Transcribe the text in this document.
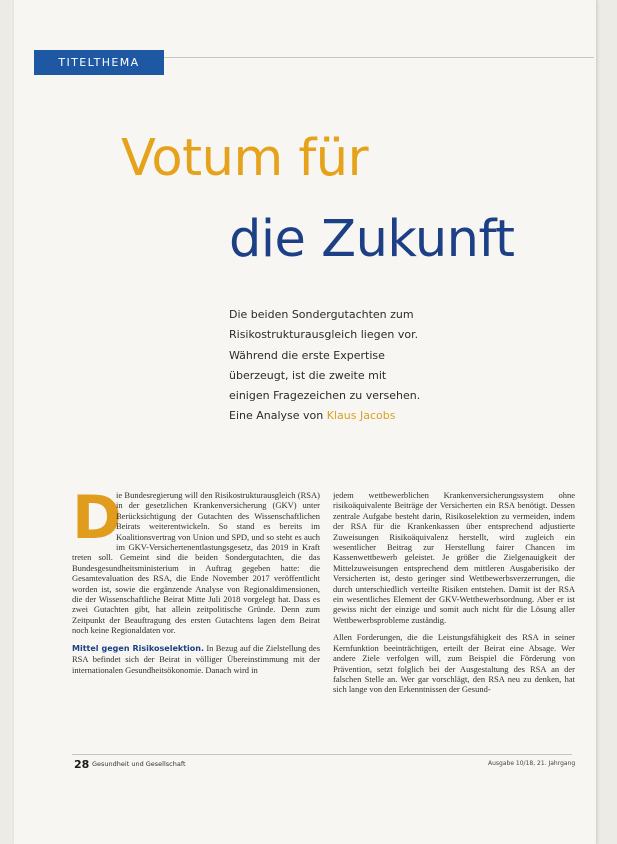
TITELTHEMA
Votum für
die Zukunft

Die beiden Sondergutachten zum Risikostrukturausgleich liegen vor. Während die erste Expertise überzeugt, ist die zweite mit einigen Fragezeichen zu versehen. Eine Analyse von Klaus Jacobs

D

ie Bundesregierung will den Risikostrukturausgleich (RSA) in der gesetzlichen Krankenversicherung (GKV) unter Berücksichtigung der Gutachten des Wissenschaftlichen Beirats weiterentwickeln. So stand es bereits im Koalitionsvertrag von Union und SPD, und so steht es auch im GKV-Versichertenentlastungsgesetz, das 2019 in Kraft treten soll. Gemeint sind die beiden Sondergutachten, die das Bundesgesundheitsministerium in Auftrag gegeben hatte: die Gesamtevaluation des RSA, die Ende November 2017 veröffentlicht worden ist, sowie die ergänzende Analyse von Regionaldimensionen, die der Wissenschaftliche Beirat Mitte Juli 2018 vorgelegt hat. Dass es zwei Gutachten gibt, hat allein zeitpolitische Gründe. Denn zum Zeitpunkt der Beauftragung des ersten Gutachtens lagen dem Beirat noch keine Regionaldaten vor.

Mittel gegen Risikoselektion. In Bezug auf die Zielstellung des RSA befindet sich der Beirat in völliger Übereinstimmung mit der internationalen Gesundheitsökonomie. Danach wird in

jedem wettbewerblichen Krankenversicherungssystem ohne risikoäquivalente Beiträge der Versicherten ein RSA benötigt. Dessen zentrale Aufgabe besteht darin, Risikoselektion zu vermeiden, indem der RSA für die Krankenkassen über entsprechend adjustierte Zuweisungen Risikoäquivalenz herstellt, wird zugleich ein wesentlicher Beitrag zur Herstellung fairer Chancen im Kassenwettbewerb geleistet. Je größer die Zielgenauigkeit der Mittelzuweisungen entsprechend dem mittleren Ausgaberisiko der Versicherten ist, desto geringer sind Wettbewerbsverzerrungen, die durch unterschiedlich verteilte Risiken entstehen. Damit ist der RSA ein wesentliches Element der GKV-Wettbewerbsordnung. Aber er ist gewiss nicht der einzige und somit auch nicht für die Lösung aller Wettbewerbsprobleme zuständig.

Allen Forderungen, die die Leistungsfähigkeit des RSA in seiner Kernfunktion beeinträchtigen, erteilt der Beirat eine Absage. Wer andere Ziele verfolgen will, zum Beispiel die Förderung von Prävention, setzt folglich bei der Ausgestaltung des RSA an der falschen Stelle an. Wer gar vorschlägt, den RSA neu zu denken, hat sich lange von den Erkenntnissen der Gesund-

28 Gesundheit und Gesellschaft	Ausgabe 10/18, 21. Jahrgang
